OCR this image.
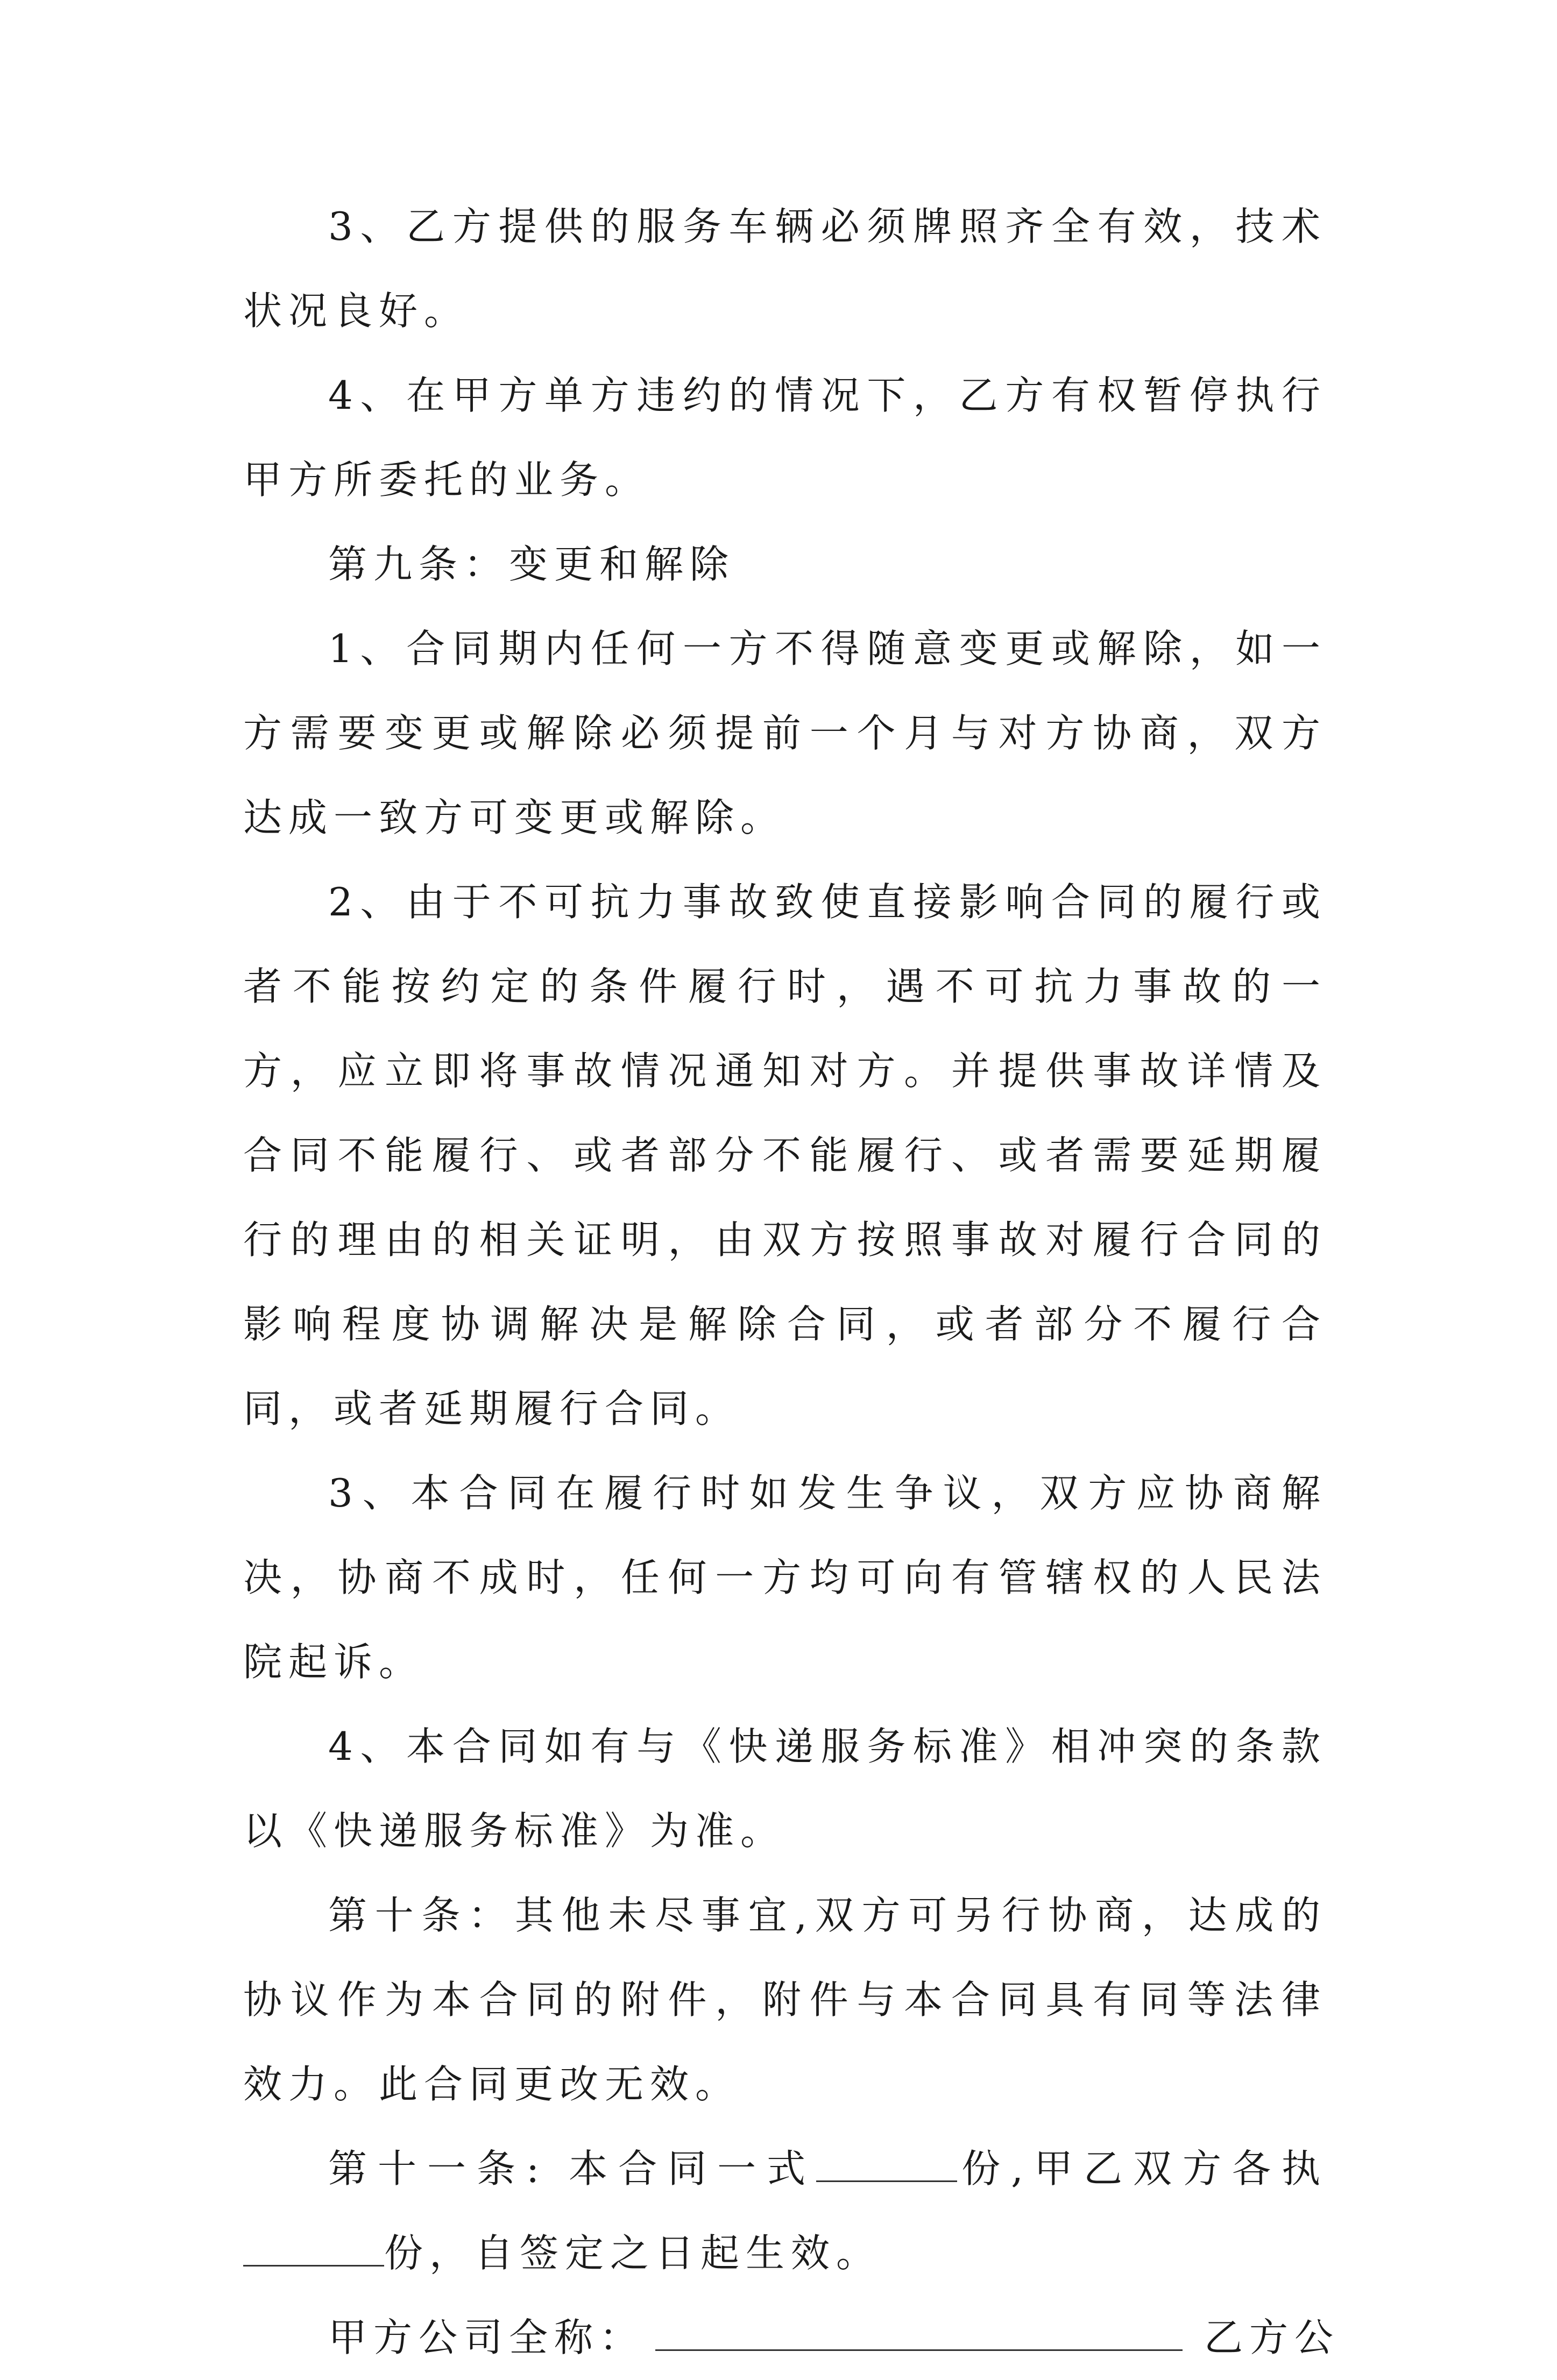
3、乙方提供的服务车辆必须牌照齐全有效，技术状况良好。

4、在甲方单方违约的情况下，乙方有权暂停执行甲方所委托的业务。

第九条：变更和解除

1、合同期内任何一方不得随意变更或解除，如一方需要变更或解除必须提前一个月与对方协商，双方达成一致方可变更或解除。

2、由于不可抗力事故致使直接影响合同的履行或者不能按约定的条件履行时，遇不可抗力事故的一方，应立即将事故情况通知对方。并提供事故详情及合同不能履行、或者部分不能履行、或者需要延期履行的理由的相关证明，由双方按照事故对履行合同的影响程度协调解决是解除合同，或者部分不履行合同，或者延期履行合同。

3、本合同在履行时如发生争议，双方应协商解决，协商不成时，任何一方均可向有管辖权的人民法院起诉。

4、本合同如有与《快递服务标准》相冲突的条款以《快递服务标准》为准。

第十条：其他未尽事宜,双方可另行协商，达成的协议作为本合同的附件，附件与本合同具有同等法律效力。此合同更改无效。

第十一条: 本合同一式	份,甲乙双方各执份，自签定之日起生效。

甲方公司全称：	乙方公
